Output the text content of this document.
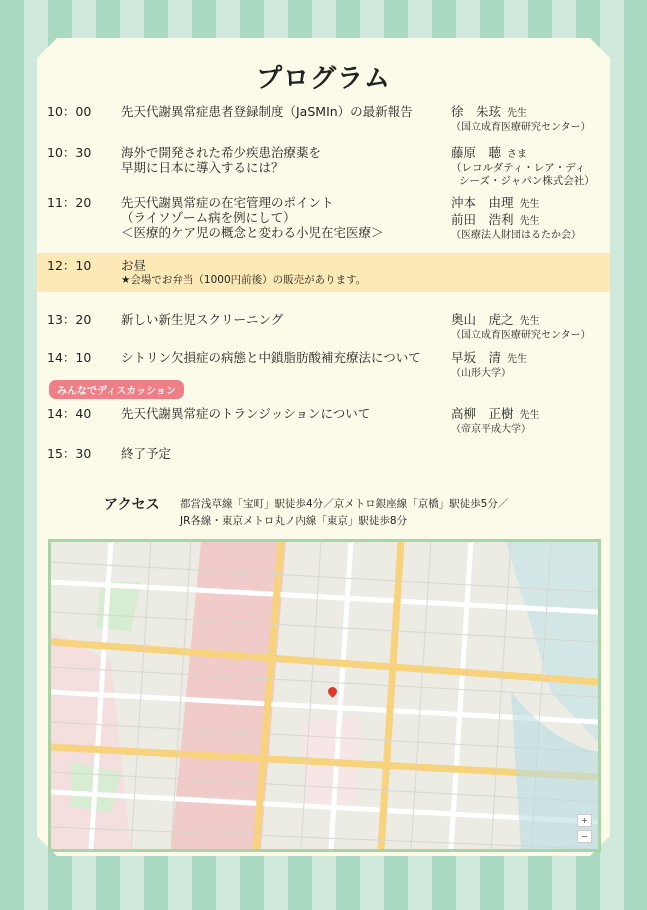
プログラム
10：00 先天代謝異常症患者登録制度（JaSMIn）の最新報告	徐　朱玹 先生
（国立成育医療研究センター）
10：30 海外で開発された希少疾患治療薬を
早期に日本に導入するには？
藤原　聴 さま
（レコルダティ・レア・ディ
シーズ・ジャパン株式会社）
11：20 先天代謝異常症の在宅管理のポイント
（ライソゾーム病を例にして）
＜医療的ケア児の概念と変わる小児在宅医療＞
沖本　由理 先生
前田　浩利 先生
（医療法人財団はるたか会）
12：10 お昼
★会場でお弁当（1000円前後）の販売があります。
13：20 新しい新生児スクリーニング	奥山　虎之 先生
（国立成育医療研究センター）
14：10 シトリン欠損症の病態と中鎖脂肪酸補充療法について 早坂　清 先生
（山形大学）
みんなでディスカッション
14：40 先天代謝異常症のトランジッションについて	高柳　正樹 先生
（帝京平成大学）
15：30 終了予定
アクセス 都営浅草線「宝町」駅徒歩4分／京メトロ銀座線「京橋」駅徒歩5分／
JR各線・東京メトロ丸ノ内線「東京」駅徒歩8分
+
−
